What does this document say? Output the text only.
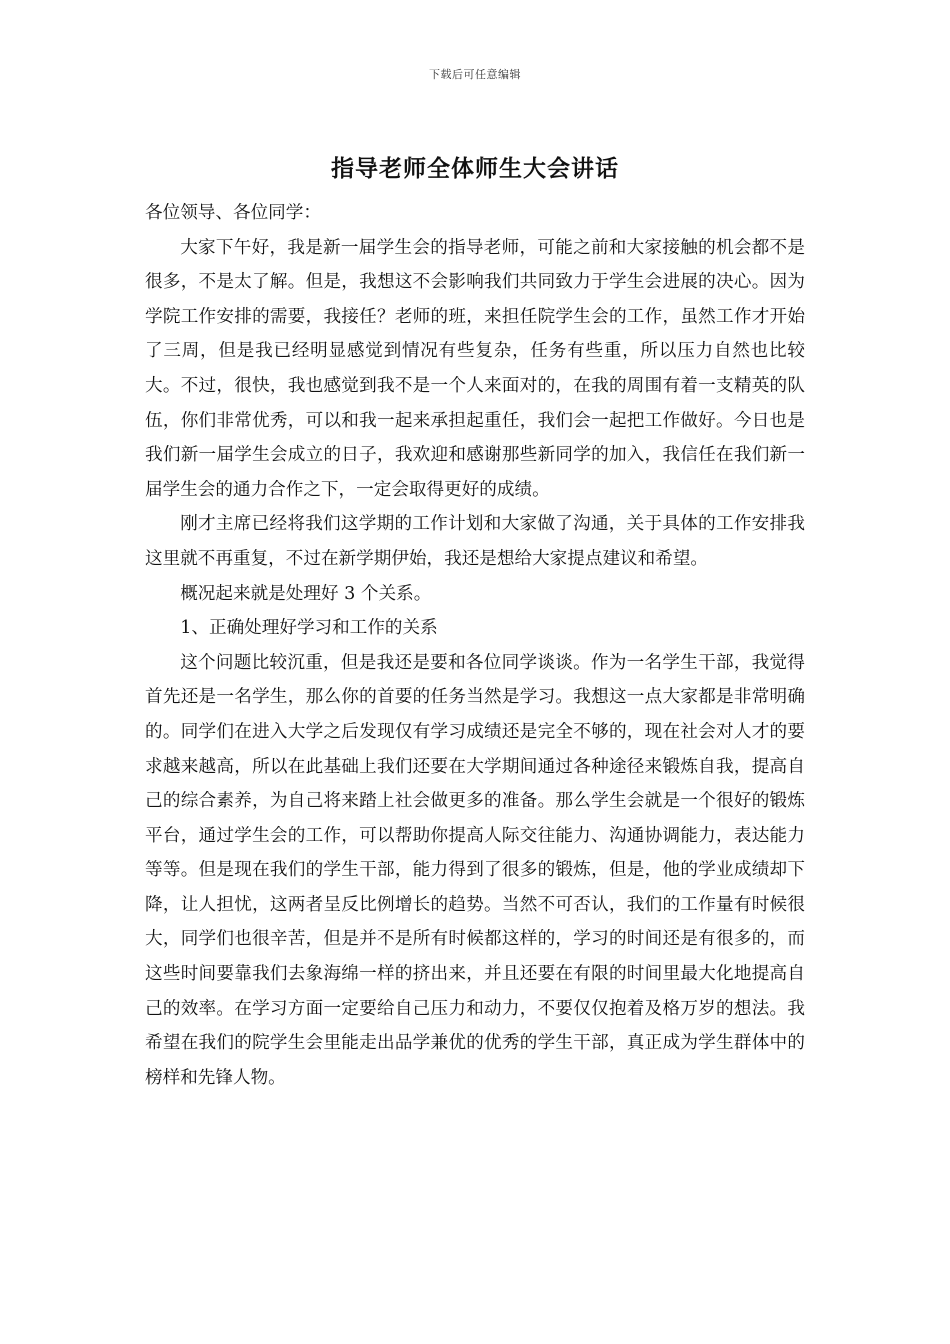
下载后可任意编辑
指导老师全体师生大会讲话

各位领导、各位同学：

大家下午好，我是新一届学生会的指导老师，可能之前和大家接触的机会都不是很多，不是太了解。但是，我想这不会影响我们共同致力于学生会进展的决心。因为学院工作安排的需要，我接任？老师的班，来担任院学生会的工作，虽然工作才开始了三周，但是我已经明显感觉到情况有些复杂，任务有些重，所以压力自然也比较大。不过，很快，我也感觉到我不是一个人来面对的，在我的周围有着一支精英的队伍，你们非常优秀，可以和我一起来承担起重任，我们会一起把工作做好。今日也是我们新一届学生会成立的日子，我欢迎和感谢那些新同学的加入，我信任在我们新一届学生会的通力合作之下，一定会取得更好的成绩。

刚才主席已经将我们这学期的工作计划和大家做了沟通，关于具体的工作安排我这里就不再重复，不过在新学期伊始，我还是想给大家提点建议和希望。

概况起来就是处理好 3 个关系。

1、正确处理好学习和工作的关系

这个问题比较沉重，但是我还是要和各位同学谈谈。作为一名学生干部，我觉得首先还是一名学生，那么你的首要的任务当然是学习。我想这一点大家都是非常明确的。同学们在进入大学之后发现仅有学习成绩还是完全不够的，现在社会对人才的要求越来越高，所以在此基础上我们还要在大学期间通过各种途径来锻炼自我，提高自己的综合素养，为自己将来踏上社会做更多的准备。那么学生会就是一个很好的锻炼平台，通过学生会的工作，可以帮助你提高人际交往能力、沟通协调能力，表达能力等等。但是现在我们的学生干部，能力得到了很多的锻炼，但是，他的学业成绩却下降，让人担忧，这两者呈反比例增长的趋势。当然不可否认，我们的工作量有时候很大，同学们也很辛苦，但是并不是所有时候都这样的，学习的时间还是有很多的，而这些时间要靠我们去象海绵一样的挤出来，并且还要在有限的时间里最大化地提高自己的效率。在学习方面一定要给自己压力和动力，不要仅仅抱着及格万岁的想法。我希望在我们的院学生会里能走出品学兼优的优秀的学生干部，真正成为学生群体中的榜样和先锋人物。
